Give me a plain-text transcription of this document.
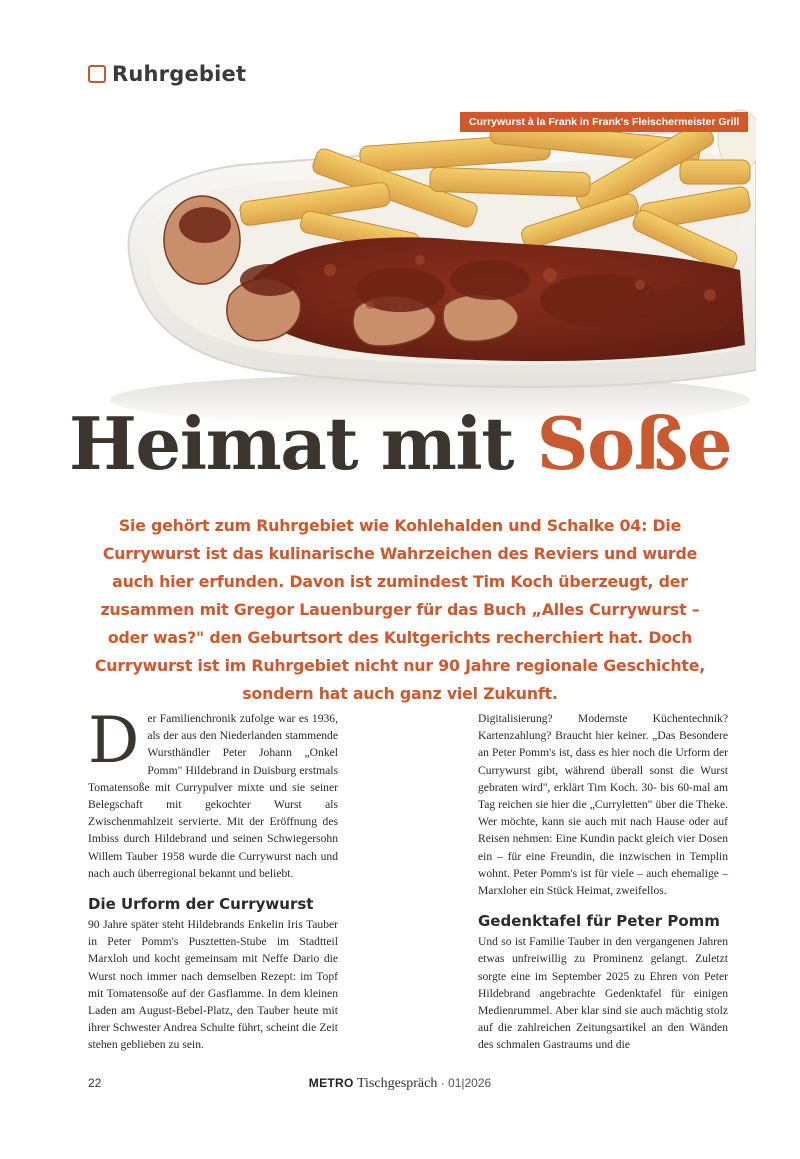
Ruhrgebiet
Currywurst à la Frank in Frank's Fleischermeister Grill
Heimat mit Soße

Sie gehört zum Ruhrgebiet wie Kohlehalden und Schalke 04: Die Currywurst ist das kulinarische Wahrzeichen des Reviers und wurde auch hier erfunden. Davon ist zumindest Tim Koch überzeugt, der zusammen mit Gregor Lauenburger für das Buch „Alles Currywurst – oder was?" den Geburtsort des Kultgerichts recherchiert hat. Doch Currywurst ist im Ruhrgebiet nicht nur 90 Jahre regionale Geschichte, sondern hat auch ganz viel Zukunft.

Der Familienchronik zufolge war es 1936, als der aus den Niederlanden stammende Wursthändler Peter Johann „Onkel Pomm" Hildebrand in Duisburg erstmals Tomatensoße mit Currypulver mixte und sie seiner Belegschaft mit gekochter Wurst als Zwischenmahlzeit servierte. Mit der Eröffnung des Imbiss durch Hildebrand und seinen Schwiegersohn Willem Tauber 1958 wurde die Currywurst nach und nach auch überregional bekannt und beliebt.

Die Urform der Currywurst

90 Jahre später steht Hildebrands Enkelin Iris Tauber in Peter Pomm's Pusztetten-Stube im Stadtteil Marxloh und kocht gemeinsam mit Neffe Dario die Wurst noch immer nach demselben Rezept: im Topf mit Tomatensoße auf der Gasflamme. In dem kleinen Laden am August-Bebel-Platz, den Tauber heute mit ihrer Schwester Andrea Schulte führt, scheint die Zeit stehen geblieben zu sein.

Digitalisierung? Modernste Küchentechnik? Kartenzahlung? Braucht hier keiner. „Das Besondere an Peter Pomm's ist, dass es hier noch die Urform der Currywurst gibt, während überall sonst die Wurst gebraten wird", erklärt Tim Koch. 30- bis 60-mal am Tag reichen sie hier die „Curryletten" über die Theke. Wer möchte, kann sie auch mit nach Hause oder auf Reisen nehmen: Eine Kundin packt gleich vier Dosen ein – für eine Freundin, die inzwischen in Templin wohnt. Peter Pomm's ist für viele – auch ehemalige – Marxloher ein Stück Heimat, zweifellos.

Gedenktafel für Peter Pomm

Und so ist Familie Tauber in den vergangenen Jahren etwas unfreiwillig zu Prominenz gelangt. Zuletzt sorgte eine im September 2025 zu Ehren von Peter Hildebrand angebrachte Gedenktafel für einigen Medienrummel. Aber klar sind sie auch mächtig stolz auf die zahlreichen Zeitungsartikel an den Wänden des schmalen Gastraums und die

22	METRO Tischgespräch · 01|2026
